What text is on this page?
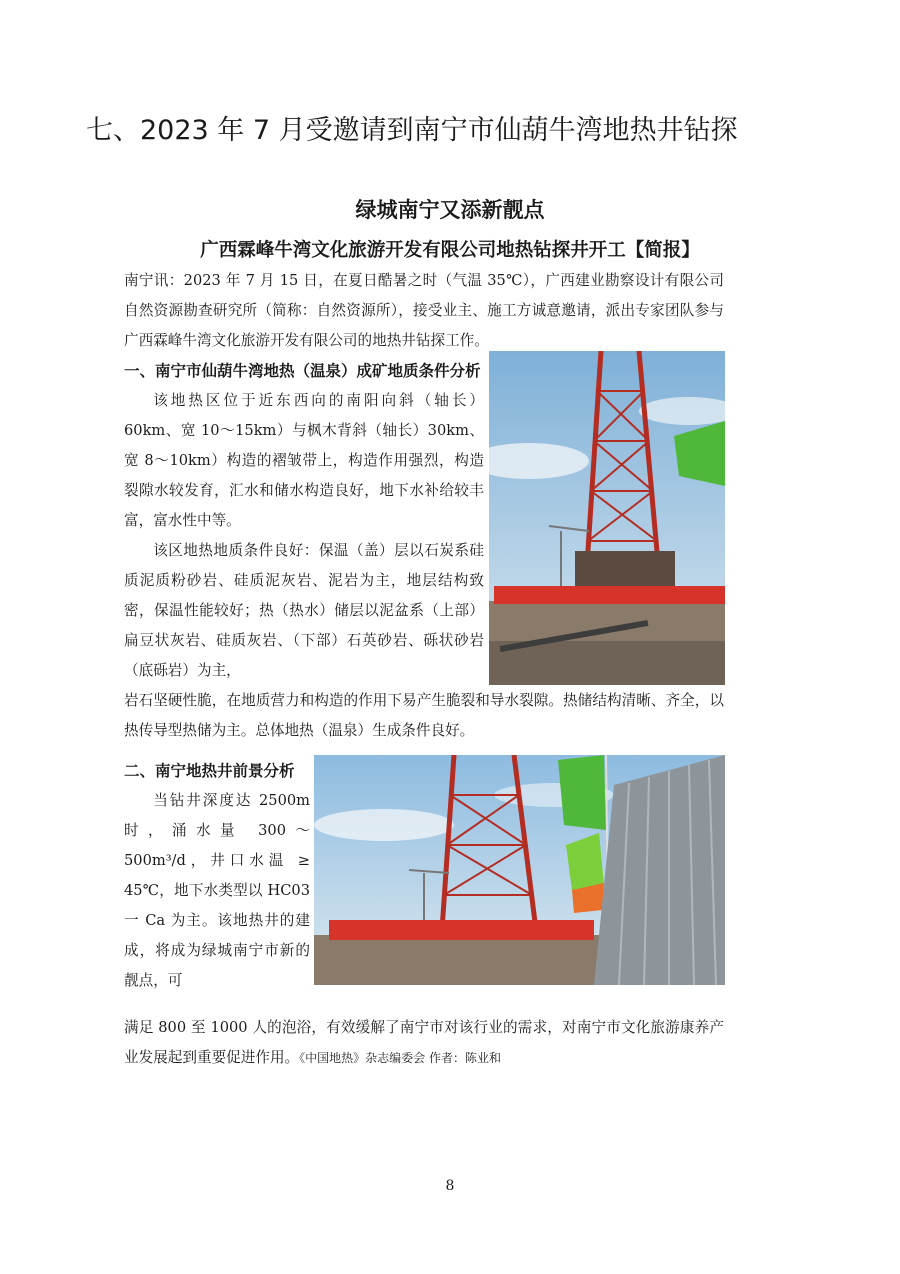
七、2023 年 7 月受邀请到南宁市仙葫牛湾地热井钻探
绿城南宁又添新靓点
广西霖峰牛湾文化旅游开发有限公司地热钻探井开工【简报】

南宁讯：2023 年 7 月 15 日，在夏日酷暑之时（气温 35℃），广西建业勘察设计有限公司自然资源勘查研究所（简称：自然资源所），接受业主、施工方诚意邀请，派出专家团队参与广西霖峰牛湾文化旅游开发有限公司的地热井钻探工作。

一、南宁市仙葫牛湾地热（温泉）成矿地质条件分析

该地热区位于近东西向的南阳向斜（轴长）60km、宽 10～15km）与枫木背斜（轴长）30km、宽 8～10km）构造的褶皱带上，构造作用强烈，构造裂隙水较发育，汇水和储水构造良好，地下水补给较丰富，富水性中等。

该区地热地质条件良好：保温（盖）层以石炭系硅质泥质粉砂岩、硅质泥灰岩、泥岩为主，地层结构致密，保温性能较好；热（热水）储层以泥盆系（上部）扁豆状灰岩、硅质灰岩、（下部）石英砂岩、砾状砂岩（底砾岩）为主，

岩石坚硬性脆，在地质营力和构造的作用下易产生脆裂和导水裂隙。热储结构清晰、齐全，以热传导型热储为主。总体地热（温泉）生成条件良好。

二、南宁地热井前景分析

当钻井深度达 2500m 时，涌水量 300～500m³/d，井口水温 ≥ 45℃，地下水类型以 HC03 一 Ca 为主。该地热井的建成，将成为绿城南宁市新的靓点，可

满足 800 至 1000 人的泡浴，有效缓解了南宁市对该行业的需求，对南宁市文化旅游康养产业发展起到重要促进作用。《中国地热》杂志编委会 作者：陈业和

8
